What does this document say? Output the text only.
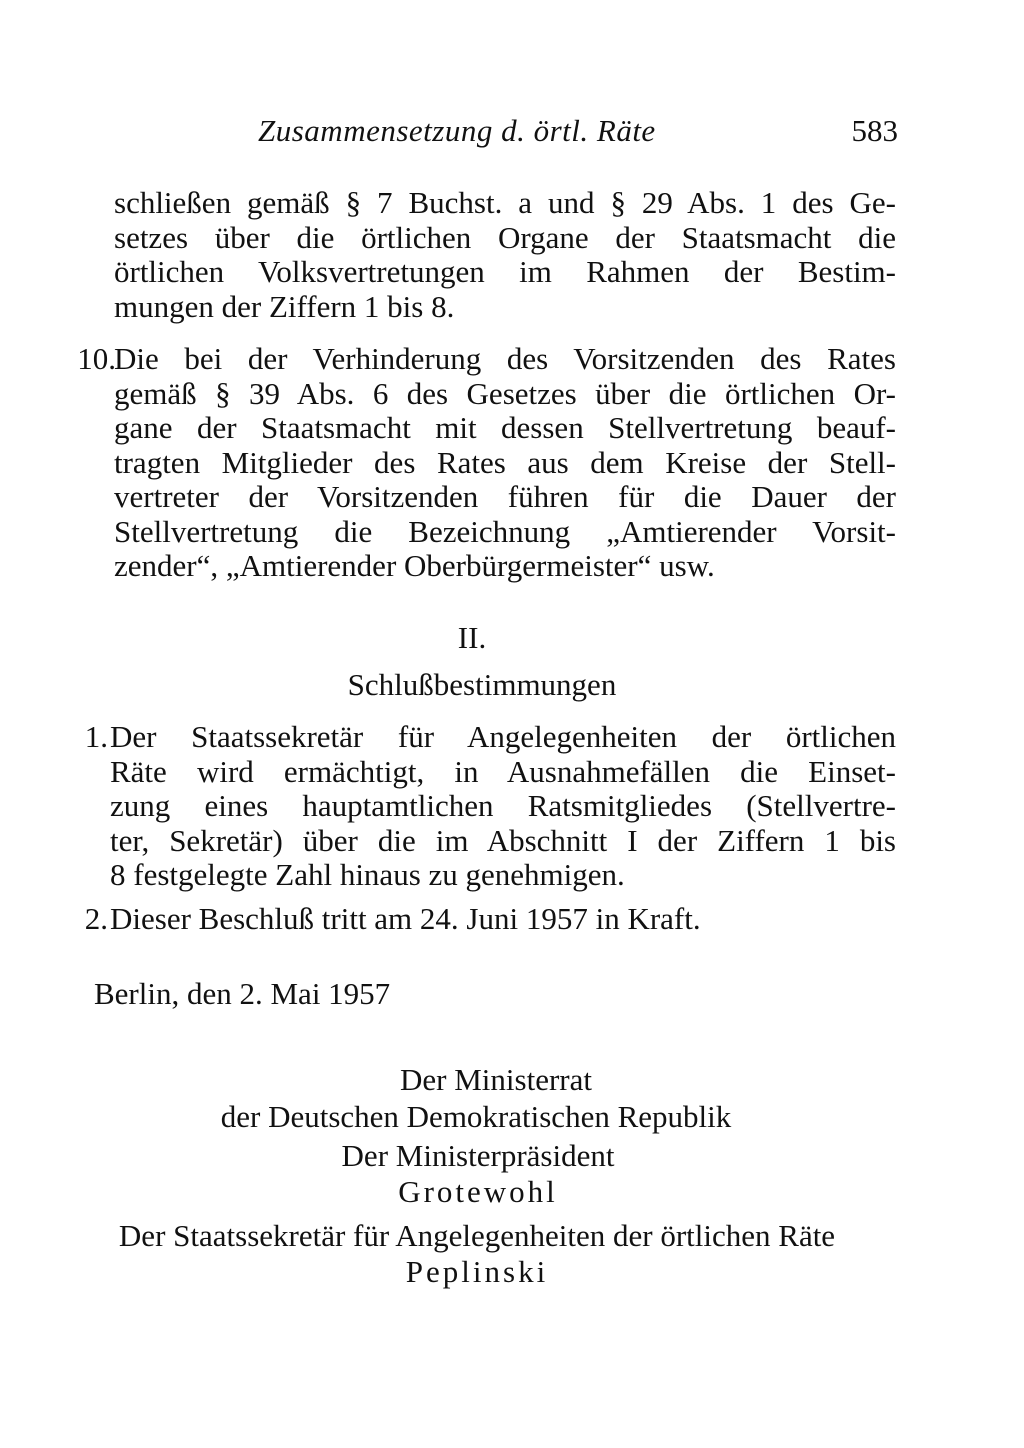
Zusammensetzung d. örtl. Räte	583
schließen gemäß § 7 Buchst. a und § 29 Abs. 1 des Ge-
setzes über die örtlichen Organe der Staatsmacht die
örtlichen Volksvertretungen im Rahmen der Bestim-
mungen der Ziffern 1 bis 8.
10.
Die bei der Verhinderung des Vorsitzenden des Rates
gemäß § 39 Abs. 6 des Gesetzes über die örtlichen Or-
gane der Staatsmacht mit dessen Stellvertretung beauf-
tragten Mitglieder des Rates aus dem Kreise der Stell-
vertreter der Vorsitzenden führen für die Dauer der
Stellvertretung die Bezeichnung „Amtierender Vorsit-
zender“, „Amtierender Oberbürgermeister“ usw.
II.
Schlußbestimmungen
1. Der Staatssekretär für Angelegenheiten der örtlichen
Räte wird ermächtigt, in Ausnahmefällen die Einset-
zung eines hauptamtlichen Ratsmitgliedes (Stellvertre-
ter, Sekretär) über die im Abschnitt I der Ziffern 1 bis
8 festgelegte Zahl hinaus zu genehmigen.
2. Dieser Beschluß tritt am 24. Juni 1957 in Kraft.
Berlin, den 2. Mai 1957
Der Ministerrat
der Deutschen Demokratischen Republik
Der Ministerpräsident
Grotewohl
Der Staatssekretär für Angelegenheiten der örtlichen Räte
Peplinski
